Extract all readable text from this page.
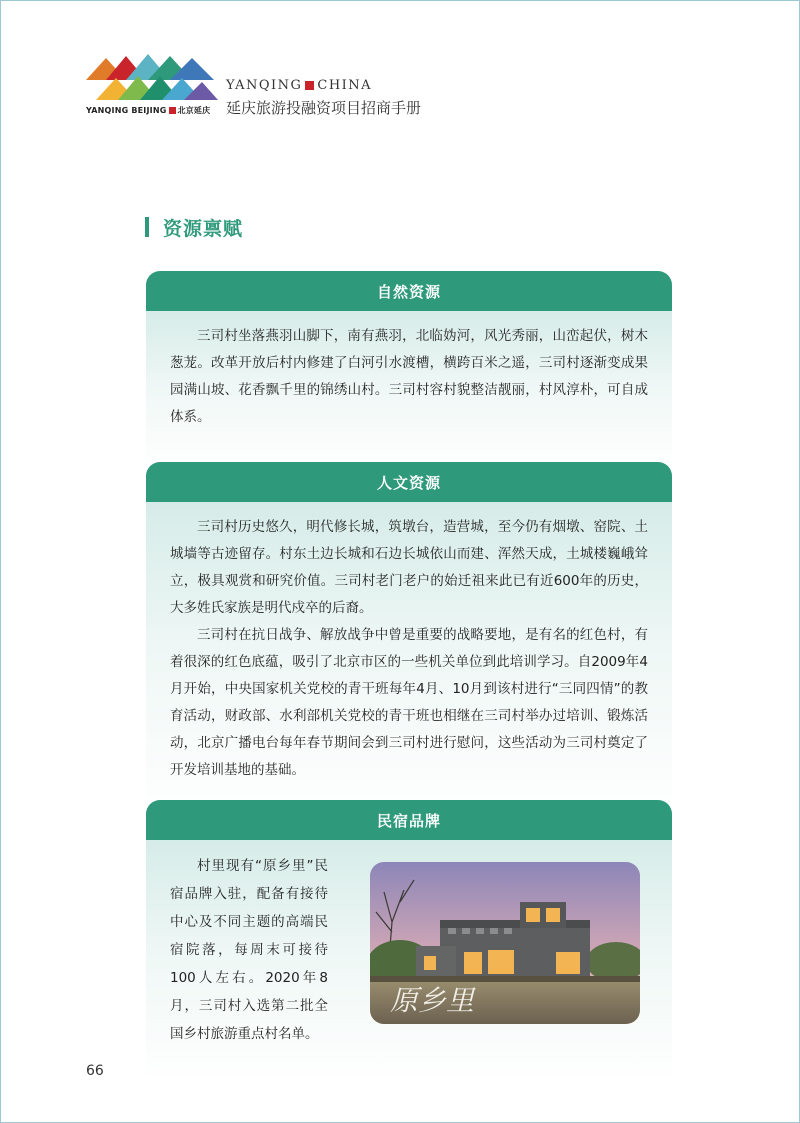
YANQING BEIJING 北京延庆
YANQING CHINA
延庆旅游投融资项目招商手册
资源禀赋
自然资源

三司村坐落燕羽山脚下，南有燕羽，北临妫河，风光秀丽，山峦起伏，树木葱茏。改革开放后村内修建了白河引水渡槽，横跨百米之遥，三司村逐渐变成果园满山坡、花香飘千里的锦绣山村。三司村容村貌整洁靓丽，村风淳朴，可自成体系。

人文资源

三司村历史悠久，明代修长城，筑墩台，造营城，至今仍有烟墩、窑院、土城墙等古迹留存。村东土边长城和石边长城依山而建、浑然天成，土城楼巍峨耸立，极具观赏和研究价值。三司村老门老户的始迁祖来此已有近600年的历史，大多姓氏家族是明代戍卒的后裔。

三司村在抗日战争、解放战争中曾是重要的战略要地，是有名的红色村，有着很深的红色底蕴，吸引了北京市区的一些机关单位到此培训学习。自2009年4月开始，中央国家机关党校的青干班每年4月、10月到该村进行“三同四情”的教育活动，财政部、水利部机关党校的青干班也相继在三司村举办过培训、锻炼活动，北京广播电台每年春节期间会到三司村进行慰问，这些活动为三司村奠定了开发培训基地的基础。

民宿品牌

村里现有“原乡里”民宿品牌入驻，配备有接待中心及不同主题的高端民宿院落，每周末可接待100人左右。2020年8月，三司村入选第二批全国乡村旅游重点村名单。

原乡里
66
